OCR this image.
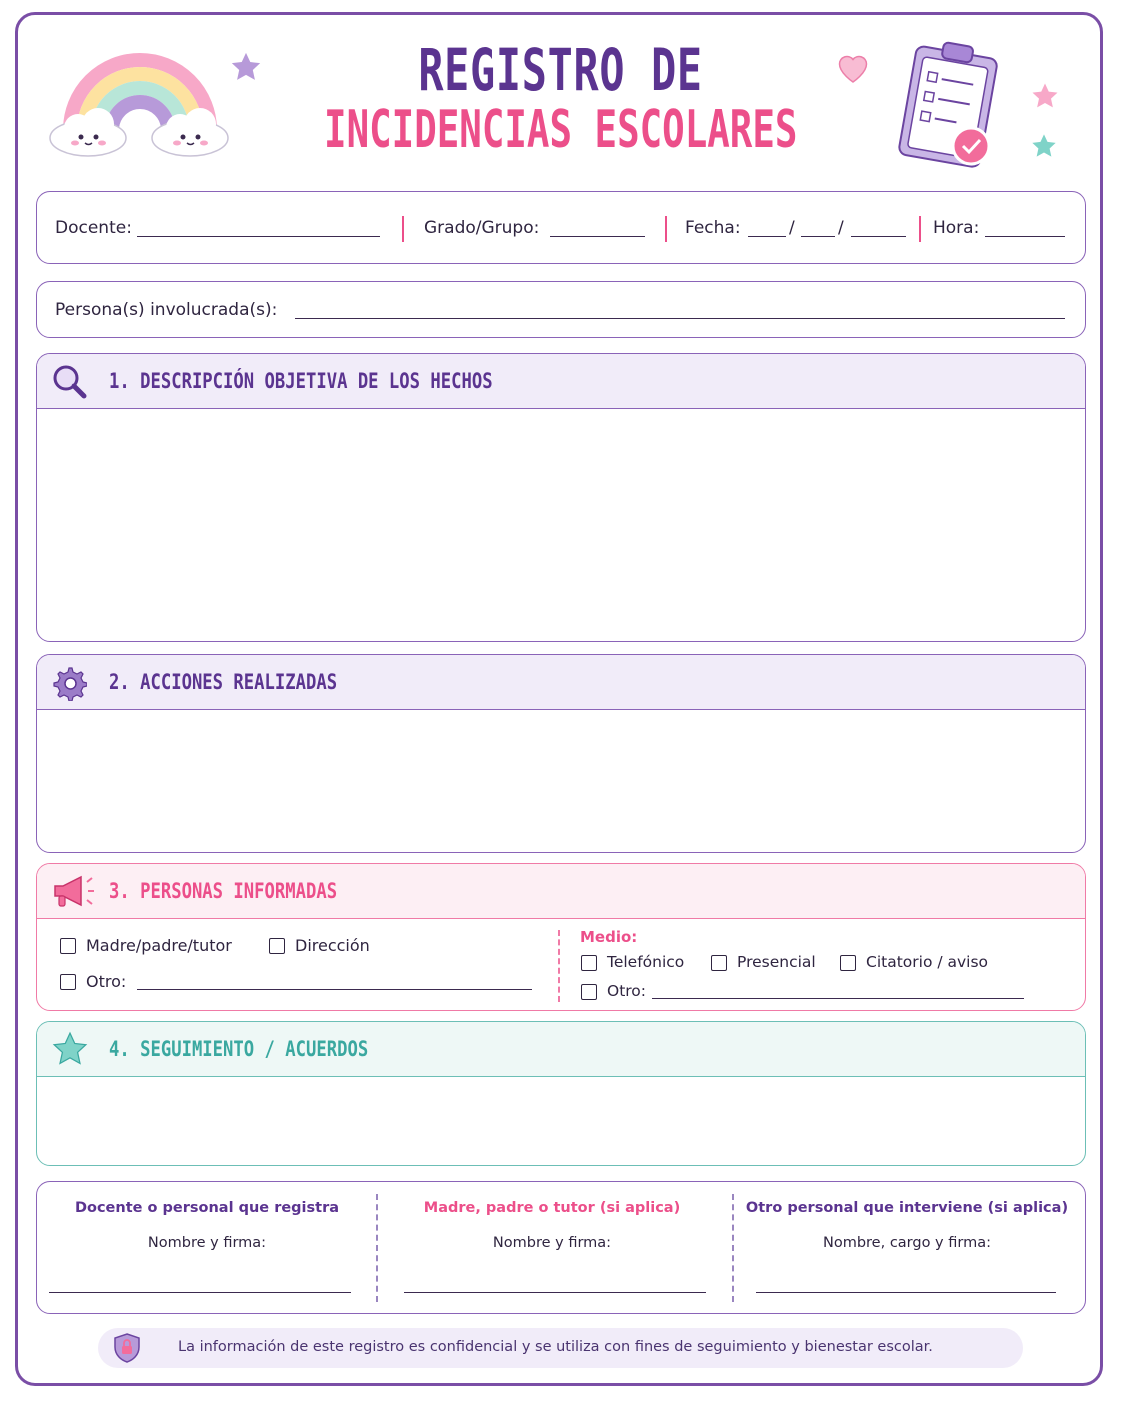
REGISTRO DE
INCIDENCIAS ESCOLARES
Docente:	Grado/Grupo:	Fecha:	/	/	Hora:
Persona(s) involucrada(s):
1. DESCRIPCIÓN OBJETIVA DE LOS HECHOS
2. ACCIONES REALIZADAS
3. PERSONAS INFORMADAS
Madre/padre/tutor	Dirección
Otro:
Medio:
Telefónico	Presencial	Citatorio / aviso
Otro:
4. SEGUIMIENTO / ACUERDOS
Docente o personal que registra
Nombre y firma:
Madre, padre o tutor (si aplica)
Nombre y firma:
Otro personal que interviene (si aplica)
Nombre, cargo y firma:
La información de este registro es confidencial y se utiliza con fines de seguimiento y bienestar escolar.
